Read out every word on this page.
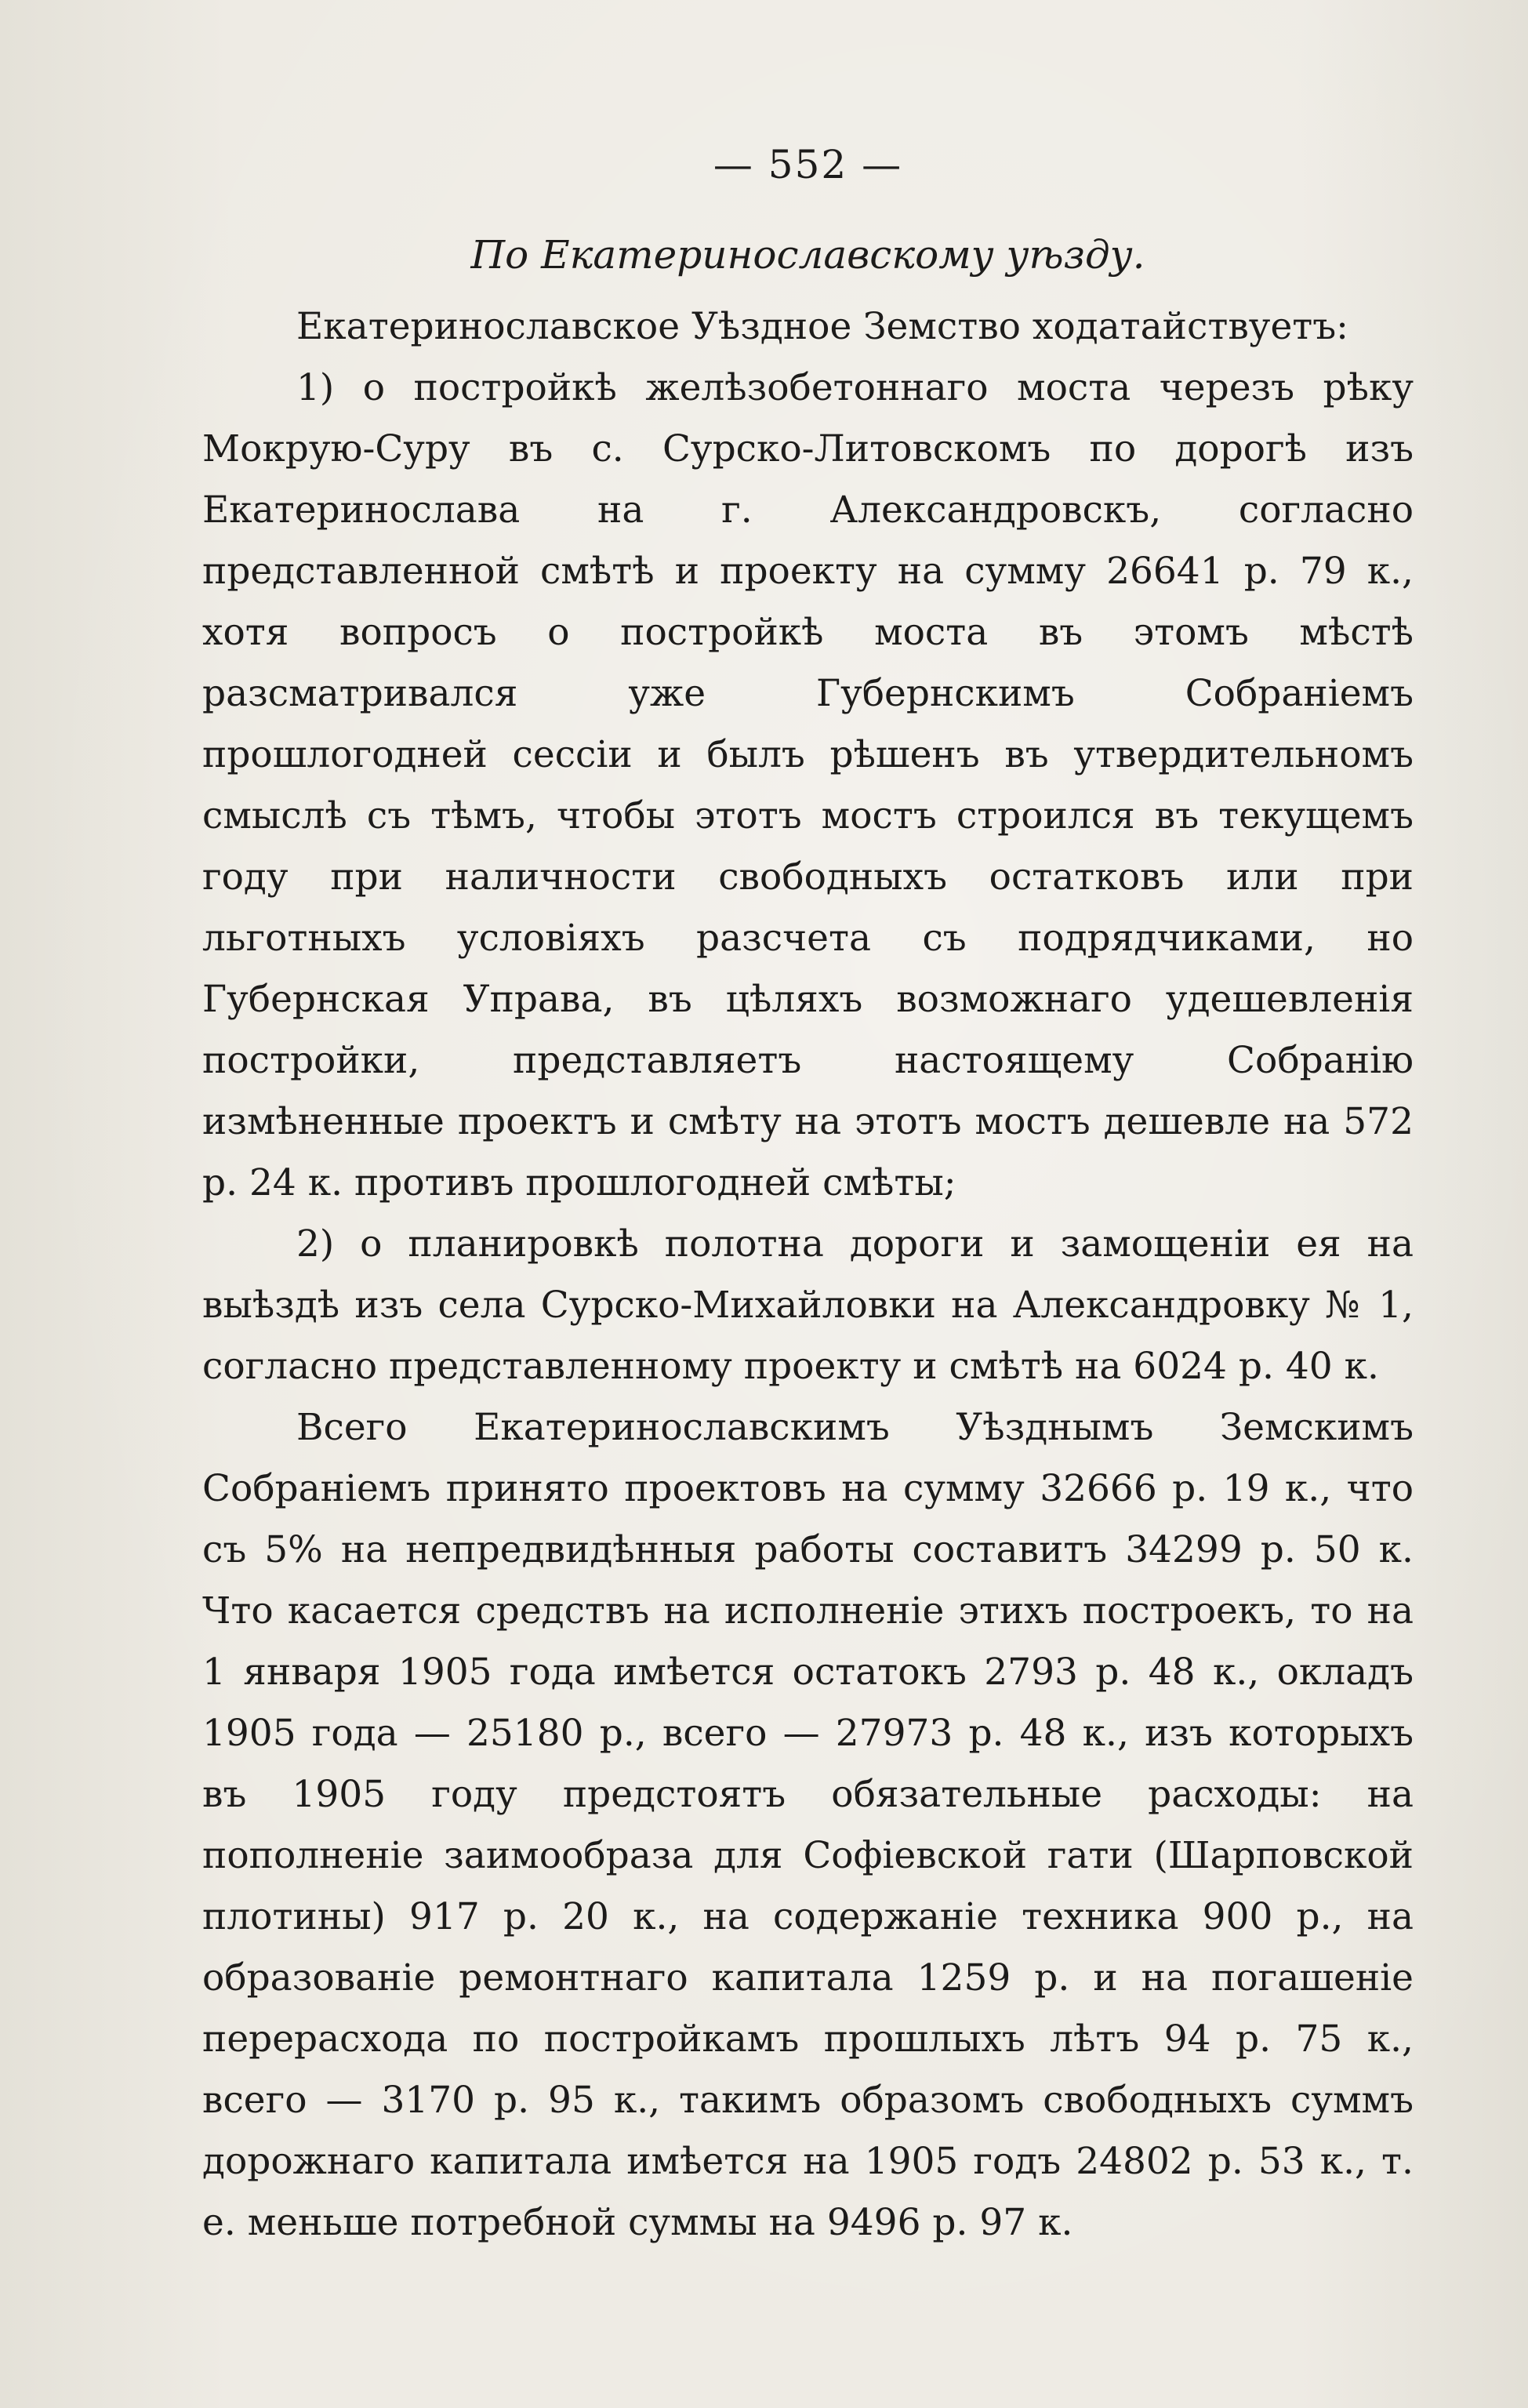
— 552 —
По Екатеринославскому уѣзду.

Екатеринославское Уѣздное Земство ходатайствуетъ:

1) о постройкѣ желѣзобетоннаго моста черезъ рѣку Мокрую-Суру въ с. Сурско-Литовскомъ по дорогѣ изъ Екатеринослава на г. Александровскъ, согласно представленной смѣтѣ и проекту на сумму 26641 р. 79 к., хотя вопросъ о постройкѣ моста въ этомъ мѣстѣ разсматривался уже Губернскимъ Собраніемъ прошлогодней сессіи и былъ рѣшенъ въ утвердительномъ смыслѣ съ тѣмъ, чтобы этотъ мостъ строился въ текущемъ году при наличности свободныхъ остатковъ или при льготныхъ условіяхъ разсчета съ подрядчиками, но Губернская Управа, въ цѣляхъ возможнаго удешевленія постройки, представляетъ настоящему Собранію измѣненные проектъ и смѣту на этотъ мостъ дешевле на 572 р. 24 к. противъ прошлогодней смѣты;

2) о планировкѣ полотна дороги и замощеніи ея на выѣздѣ изъ села Сурско-Михайловки на Александровку № 1, согласно представленному проекту и смѣтѣ на 6024 р. 40 к.

Всего Екатеринославскимъ Уѣзднымъ Земскимъ Собраніемъ принято проектовъ на сумму 32666 р. 19 к., что съ 5% на непредвидѣнныя работы составитъ 34299 р. 50 к. Что касается средствъ на исполненіе этихъ построекъ, то на 1 января 1905 года имѣется остатокъ 2793 р. 48 к., окладъ 1905 года — 25180 р., всего — 27973 р. 48 к., изъ которыхъ въ 1905 году предстоятъ обязательные расходы: на пополненіе заимообраза для Софіевской гати (Шарповской плотины) 917 р. 20 к., на содержаніе техника 900 р., на образованіе ремонтнаго капитала 1259 р. и на погашеніе перерасхода по постройкамъ прошлыхъ лѣтъ 94 р. 75 к., всего — 3170 р. 95 к., такимъ образомъ свободныхъ суммъ дорожнаго капитала имѣется на 1905 годъ 24802 р. 53 к., т. е. меньше потребной суммы на 9496 р. 97 к.
